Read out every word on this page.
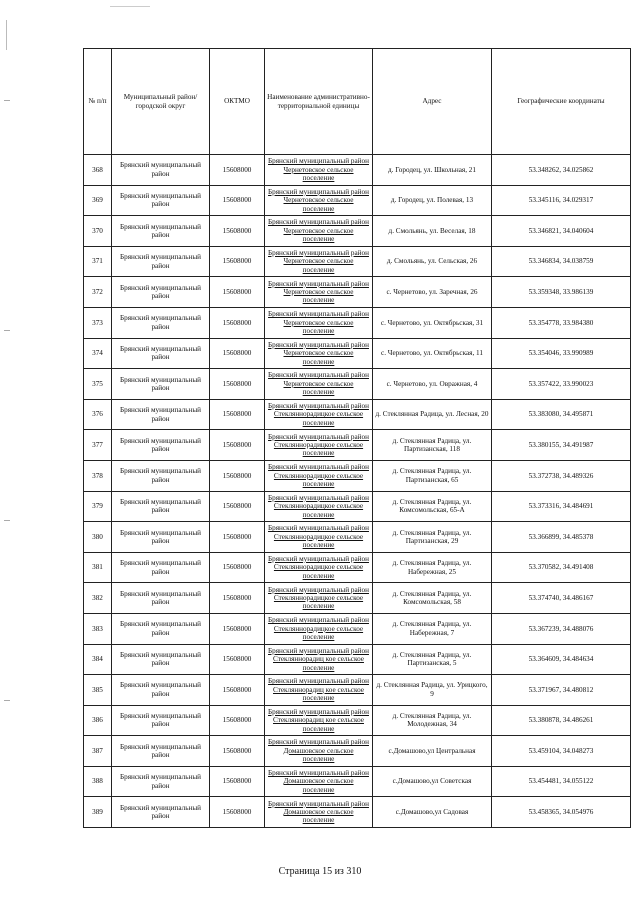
№ п/п	Муниципальный район/городской округ	ОКТМО	Наименование административно-территориальной единицы	Адрес	Географические координаты
368	Брянский муниципальный район	15608000	Брянский муниципальный район Чернетовское сельское поселение	д. Городец, ул. Школьная, 21	53.348262, 34.025862
369	Брянский муниципальный район	15608000	Брянский муниципальный район Чернетовское сельское поселение	д. Городец, ул. Полевая, 13	53.345116, 34.029317
370	Брянский муниципальный район	15608000	Брянский муниципальный район Чернетовское сельское поселение	д. Смольянь, ул. Веселая, 18	53.346821, 34.040604
371	Брянский муниципальный район	15608000	Брянский муниципальный район Чернетовское сельское поселение	д. Смольянь, ул. Сельская, 26	53.346834, 34.038759
372	Брянский муниципальный район	15608000	Брянский муниципальный район Чернетовское сельское поселение	с. Чернетово, ул. Заречная, 26	53.359348, 33.986139
373	Брянский муниципальный район	15608000	Брянский муниципальный район Чернетовское сельское поселение	с. Чернетово, ул. Октябрьская, 31	53.354778, 33.984380
374	Брянский муниципальный район	15608000	Брянский муниципальный район Чернетовское сельское поселение	с. Чернетово, ул. Октябрьская, 11	53.354046, 33.990989
375	Брянский муниципальный район	15608000	Брянский муниципальный район Чернетовское сельское поселение	с. Чернетово, ул. Овражная, 4	53.357422, 33.990023
376	Брянский муниципальный район	15608000	Брянский муниципальный район Стекляннорадицкое сельское поселение	д. Стеклянная Радица, ул. Лесная, 20	53.383080, 34.495871
377	Брянский муниципальный район	15608000	Брянский муниципальный район Стекляннорадицкое сельское поселение	д. Стеклянная Радица, ул. Партизанская, 118	53.380155, 34.491987
378	Брянский муниципальный район	15608000	Брянский муниципальный район Стекляннорадицкое сельское поселение	д. Стеклянная Радица, ул. Партизанская, 65	53.372738, 34.489326
379	Брянский муниципальный район	15608000	Брянский муниципальный район Стекляннорадицкое сельское поселение	д. Стеклянная Радица, ул. Комсомольская, 65-А	53.373316, 34.484691
380	Брянский муниципальный район	15608000	Брянский муниципальный район Стекляннорадицкое сельское поселение	д. Стеклянная Радица, ул. Партизанская, 29	53.366899, 34.485378
381	Брянский муниципальный район	15608000	Брянский муниципальный район Стекляннорадицкое сельское поселение	д. Стеклянная Радица, ул. Набережная, 25	53.370582, 34.491408
382	Брянский муниципальный район	15608000	Брянский муниципальный район Стекляннорадицкое сельское поселение	д. Стеклянная Радица, ул. Комсомольская, 58	53.374740, 34.486167
383	Брянский муниципальный район	15608000	Брянский муниципальный район Стекляннорадицкое сельское поселение	д. Стеклянная Радица, ул. Набережная, 7	53.367239, 34.488076
384	Брянский муниципальный район	15608000	Брянский муниципальный район Стекляннорадиц кое сельское поселение	д. Стеклянная Радица, ул. Партизанская, 5	53.364609, 34.484634
385	Брянский муниципальный район	15608000	Брянский муниципальный район Стекляннорадиц кое сельское поселение	д. Стеклянная Радица, ул. Урицкого, 9	53.371967, 34.480812
386	Брянский муниципальный район	15608000	Брянский муниципальный район Стекляннорадиц кое сельское поселение	д. Стеклянная Радица, ул. Молодежная, 34	53.380878, 34.486261
387	Брянский муниципальный район	15608000	Брянский муниципальный район Домашовское сельское поселение	с.Домашово,ул Центральная	53.459104, 34.048273
388	Брянский муниципальный район	15608000	Брянский муниципальный район Домашовское сельское поселение	с.Домашово,ул Советская	53.454481, 34.055122
389	Брянский муниципальный район	15608000	Брянский муниципальный район Домашовское сельское поселение	с.Домашово,ул Садовая	53.458365, 34.054976
Страница 15 из 310
